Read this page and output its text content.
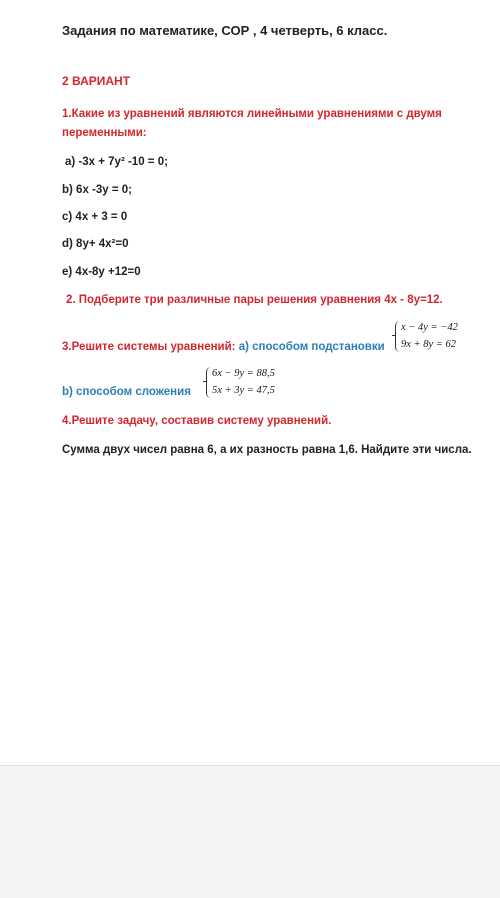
Задания по математике, СОР , 4 четверть, 6 класс.
2 ВАРИАНТ
1.Какие из уравнений являются линейными уравнениями с двумя
переменными:
а) -3х + 7у² -10 = 0;
b) 6х -3у = 0;
c) 4х + 3 = 0
d) 8у+ 4х²=0
e) 4х-8у +12=0
2. Подберите три различные пары решения уравнения 4х - 8у=12.
3.Решите системы уравнений: а) способом подстановки
x − 4y = −42
9x + 8y = 62
b) способом сложения
6x − 9y = 88,5
5x + 3y = 47,5
4.Решите задачу, составив систему уравнений.
Сумма двух чисел равна 6, а их разность равна 1,6. Найдите эти числа.
